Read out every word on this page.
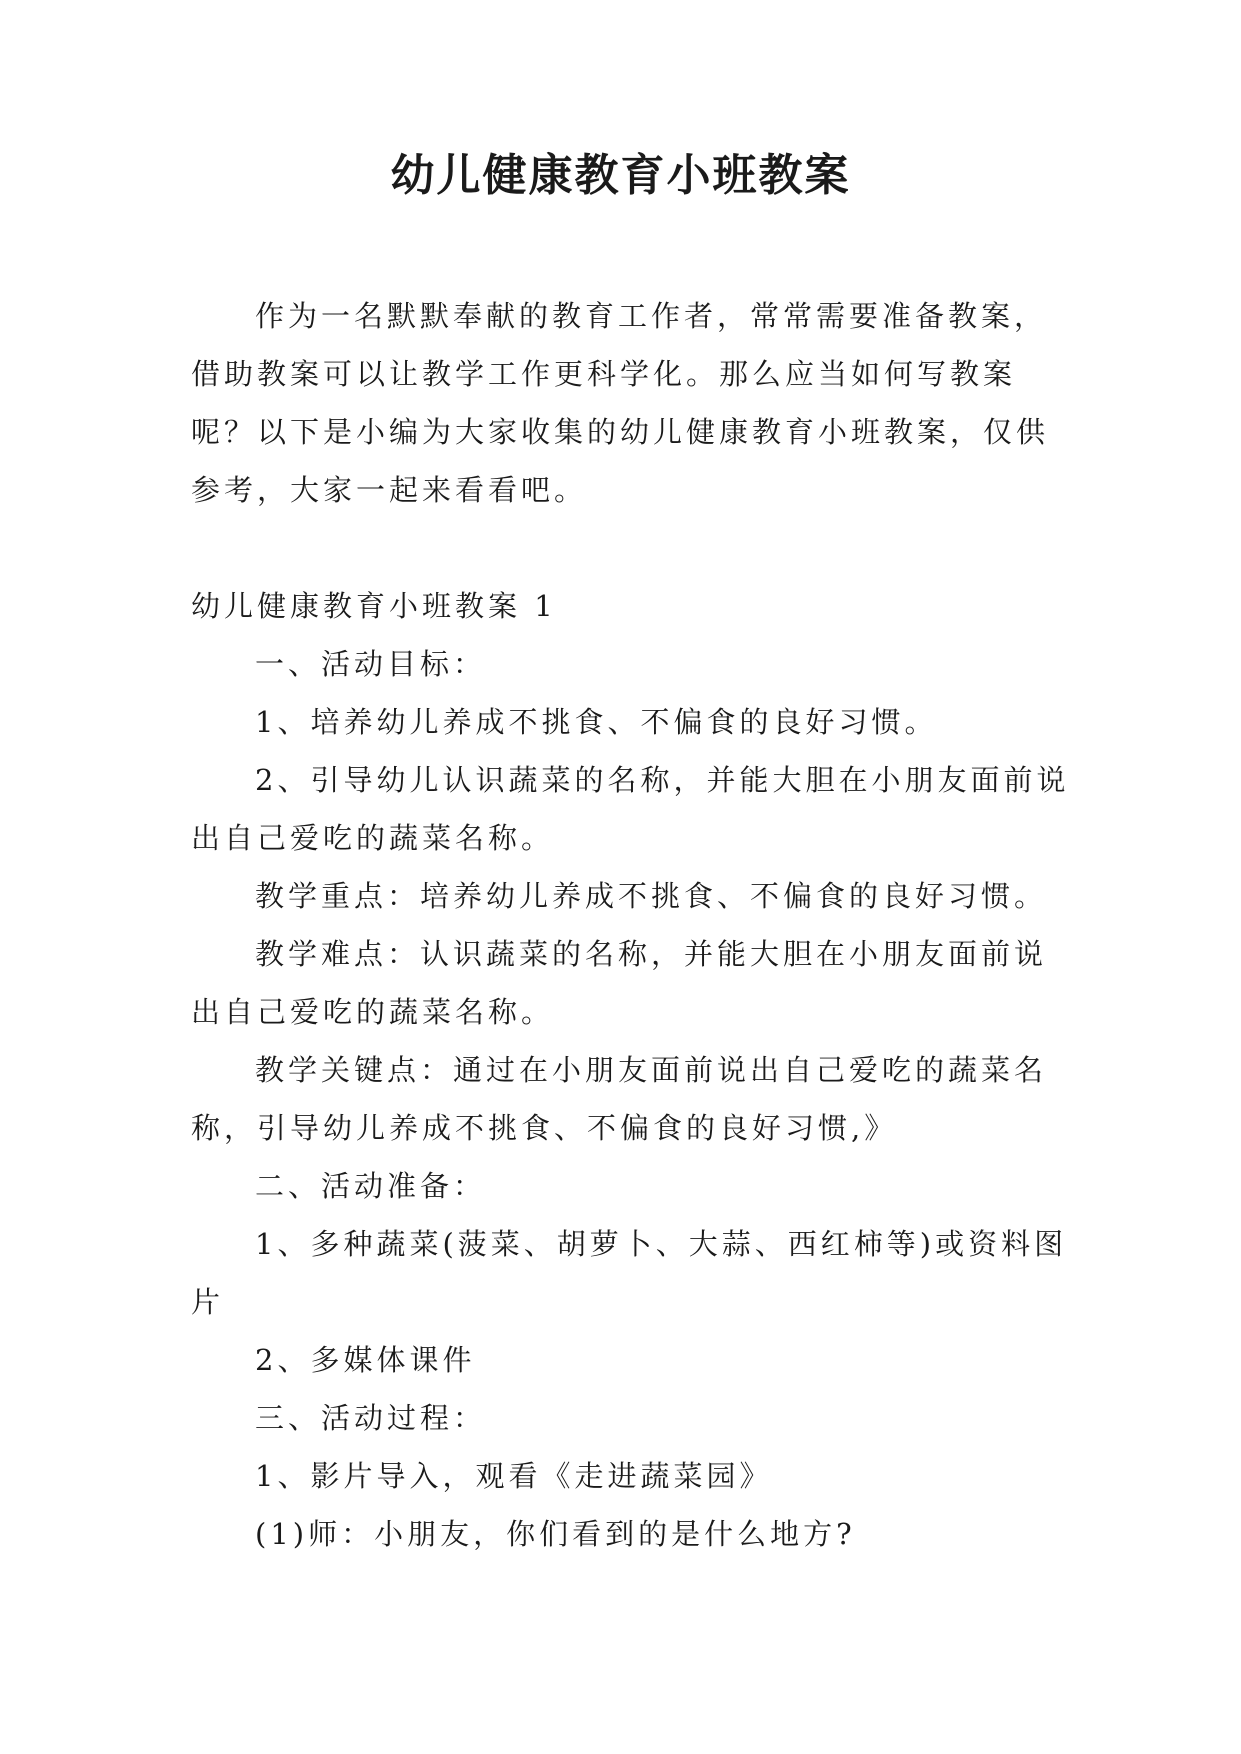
幼儿健康教育小班教案

作为一名默默奉献的教育工作者，常常需要准备教案，借助教案可以让教学工作更科学化。那么应当如何写教案呢？以下是小编为大家收集的幼儿健康教育小班教案，仅供参考，大家一起来看看吧。

幼儿健康教育小班教案 1

一、活动目标：

1、培养幼儿养成不挑食、不偏食的良好习惯。

2、引导幼儿认识蔬菜的名称，并能大胆在小朋友面前说出自己爱吃的蔬菜名称。

教学重点：培养幼儿养成不挑食、不偏食的良好习惯。

教学难点：认识蔬菜的名称，并能大胆在小朋友面前说出自己爱吃的蔬菜名称。

教学关键点：通过在小朋友面前说出自己爱吃的蔬菜名称，引导幼儿养成不挑食、不偏食的良好习惯,》

二、活动准备：

1、多种蔬菜(菠菜、胡萝卜、大蒜、西红柿等)或资料图片

2、多媒体课件

三、活动过程：

1、影片导入，观看《走进蔬菜园》

(1)师：小朋友，你们看到的是什么地方?
